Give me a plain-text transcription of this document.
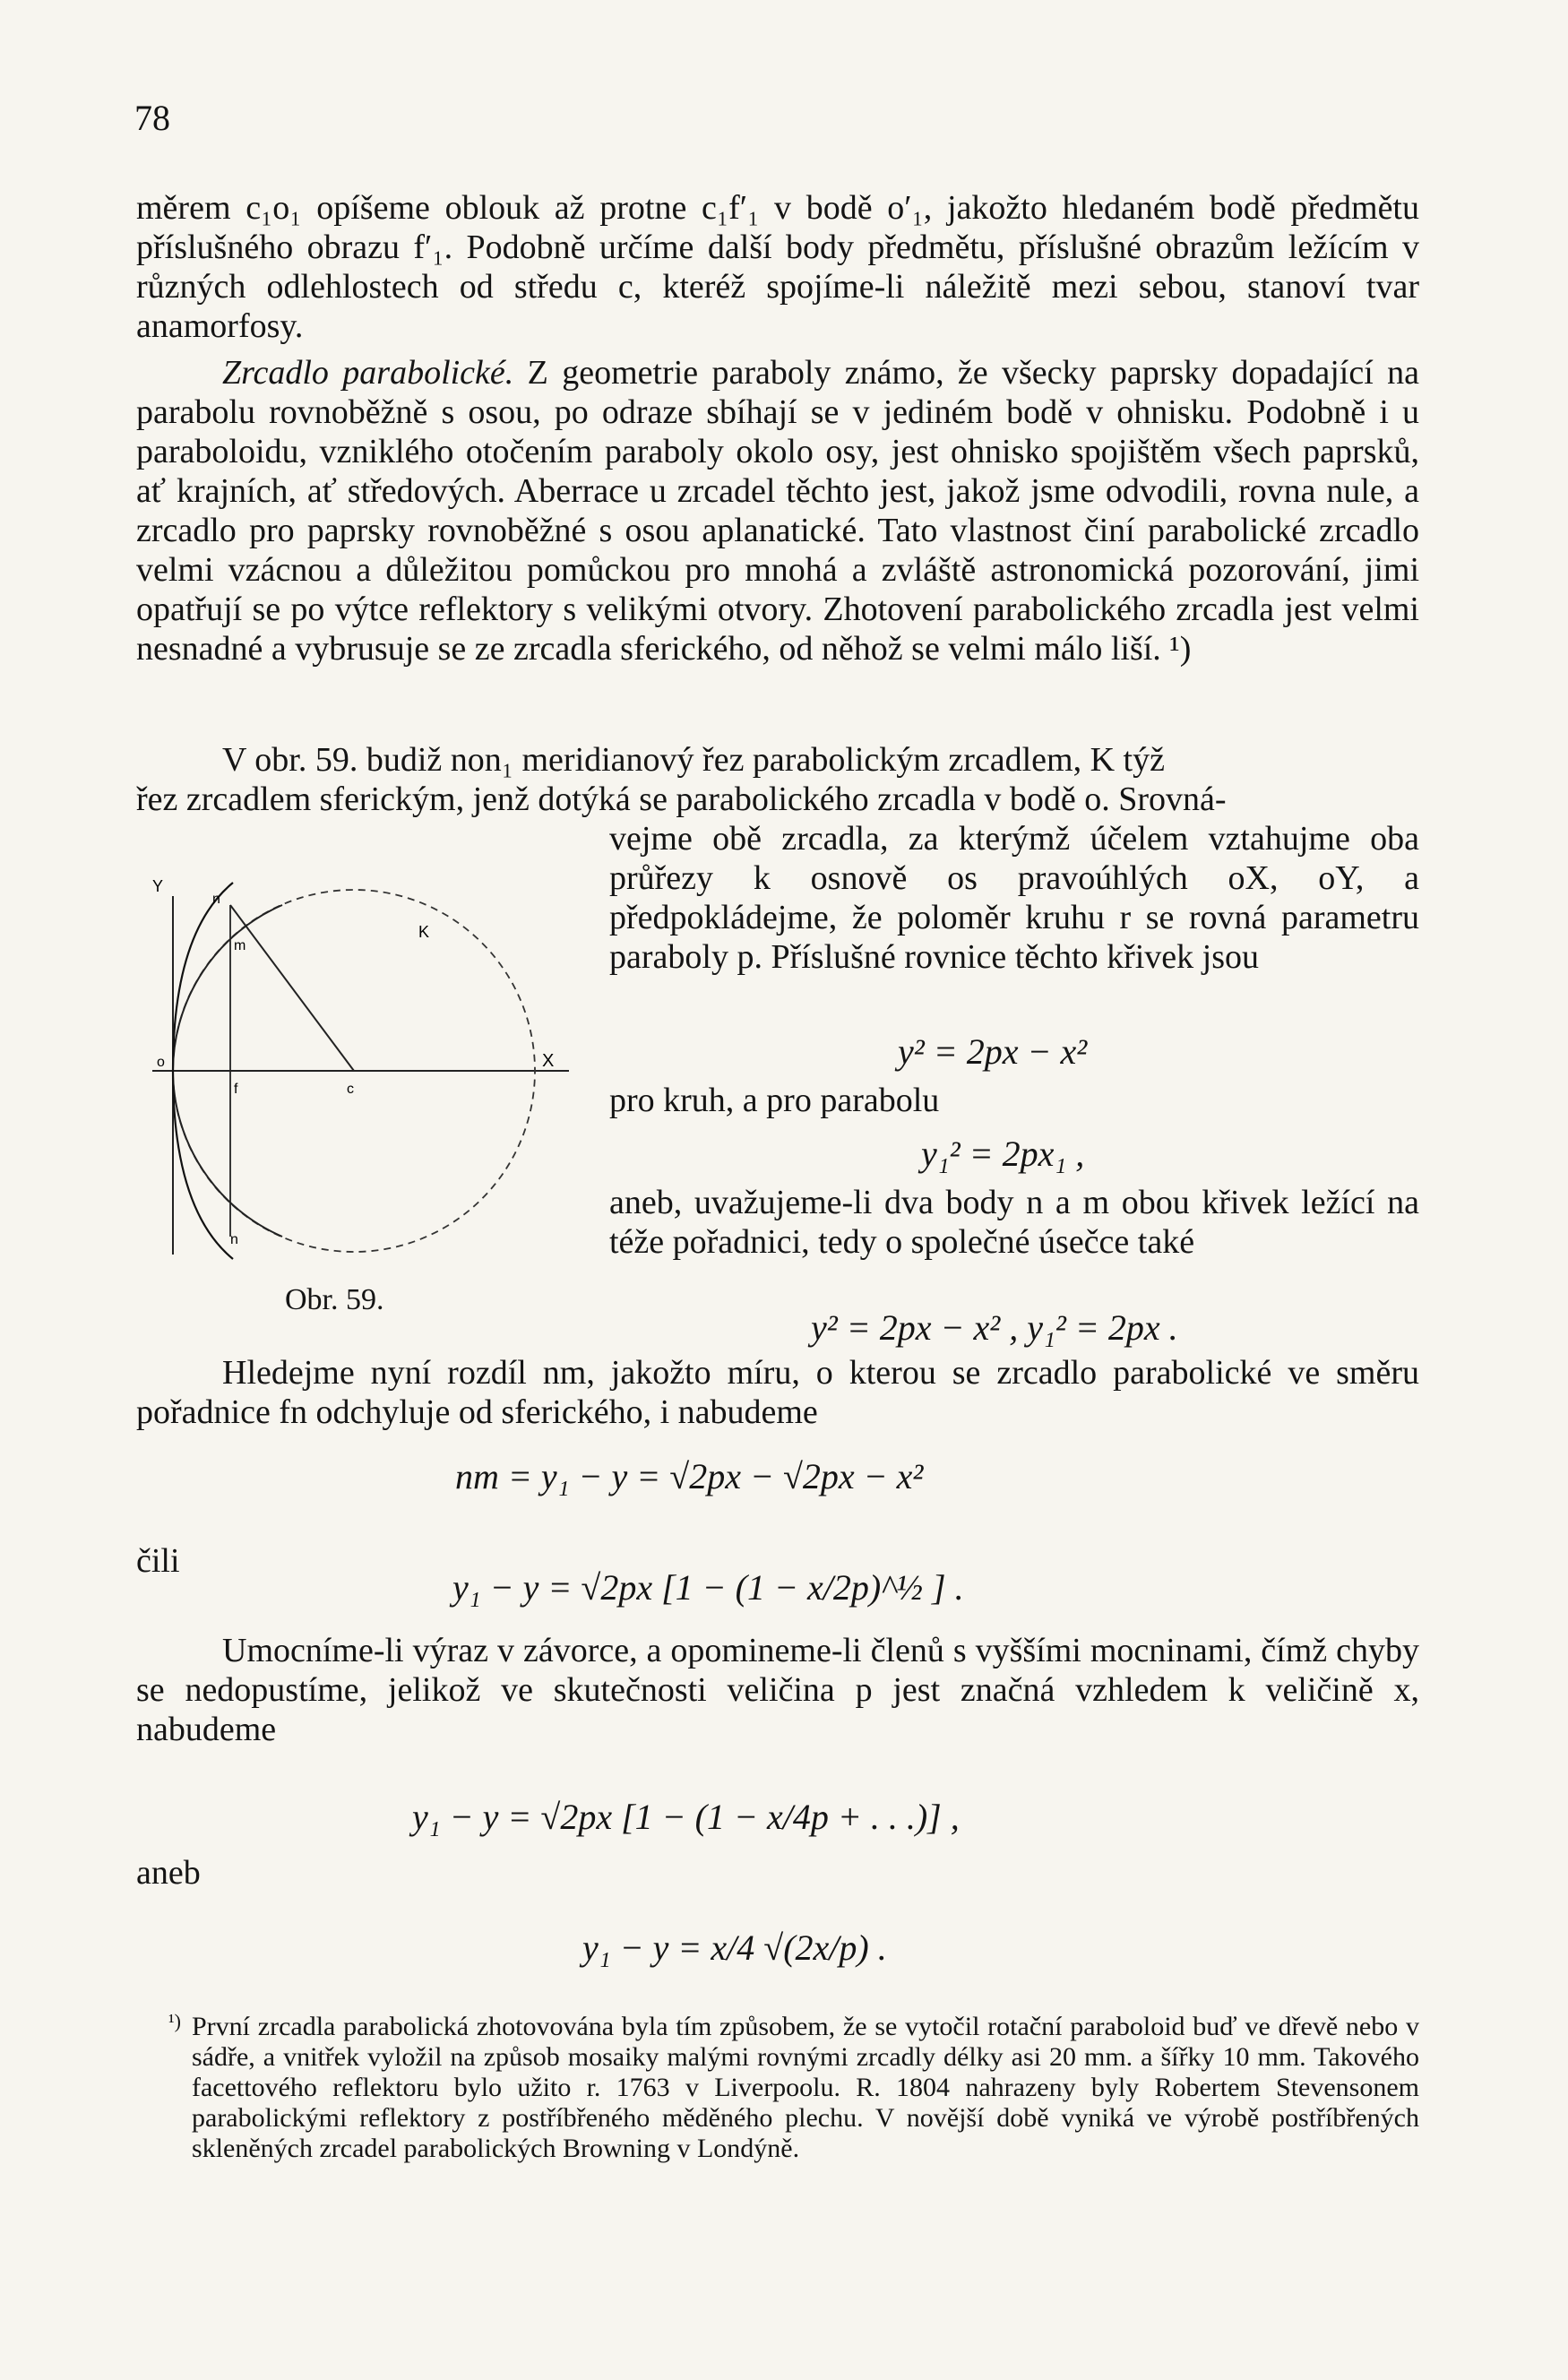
78

měrem c₁o₁ opíšeme oblouk až protne c₁f′₁ v bodě o′₁, jakožto hledaném bodě předmětu příslušného obrazu f′₁. Podobně určíme další body předmětu, příslušné obrazům ležícím v různých odlehlostech od středu c, kteréž spojíme-li náležitě mezi sebou, stanoví tvar anamorfosy.

Zrcadlo parabolické. Z geometrie paraboly známo, že všecky paprsky dopadající na parabolu rovnoběžně s osou, po odraze sbíhají se v jediném bodě v ohnisku. Podobně i u paraboloidu, vzniklého otočením paraboly okolo osy, jest ohnisko spojištěm všech paprsků, ať krajních, ať středových. Aberrace u zrcadel těchto jest, jakož jsme odvodili, rovna nule, a zrcadlo pro paprsky rovnoběžné s osou aplanatické. Tato vlastnost činí parabolické zrcadlo velmi vzácnou a důležitou pomůckou pro mnohá a zvláště astronomická pozorování, jimi opatřují se po výtce reflektory s velikými otvory. Zhotovení parabolického zrcadla jest velmi nesnadné a vybrusuje se ze zrcadla sferického, od něhož se velmi málo liší. ¹)

V obr. 59. budiž non₁ meridianový řez parabolickým zrcadlem, K týž
řez zrcadlem sferickým, jenž dotýká se parabolického zrcadla v bodě o. Srovná-
Y
X
n
m
K
o
f	c
n
Obr. 59.
vejme obě zrcadla, za kterýmž účelem vztahujme oba průřezy k osnově os pravoúhlých oX, oY, a předpokládejme, že poloměr kruhu r se rovná parametru paraboly p. Příslušné rovnice těchto křivek jsou
y² = 2px − x²
pro kruh, a pro parabolu
y₁² = 2px₁ ,
aneb, uvažujeme-li dva body n a m obou křivek ležící na téže pořadnici, tedy o společné úsečce také
y² = 2px − x² , y₁² = 2px .
Hledejme nyní rozdíl nm, jakožto míru, o kterou se zrcadlo parabolické ve směru pořadnice fn odchyluje od sferického, i nabudeme
nm = y₁ − y = √2px − √2px − x²
čili
y₁ − y = √2px [1 − (1 − x/2p)^½ ] .
Umocníme-li výraz v závorce, a opomineme-li členů s vyššími mocninami, čímž chyby se nedopustíme, jelikož ve skutečnosti veličina p jest značná vzhledem k veličině x, nabudeme
y₁ − y = √2px [1 − (1 − x/4p + . . .)] ,
aneb
y₁ − y = x/4 √(2x/p) .
¹) První zrcadla parabolická zhotovována byla tím způsobem, že se vytočil rotační paraboloid buď ve dřevě nebo v sádře, a vnitřek vyložil na způsob mosaiky malými rovnými zrcadly délky asi 20 mm. a šířky 10 mm. Takového facettového reflektoru bylo užito r. 1763 v Liverpoolu. R. 1804 nahrazeny byly Robertem Stevensonem parabolickými reflektory z postříbřeného měděného plechu. V novější době vyniká ve výrobě postříbřených skleněných zrcadel parabolických Browning v Londýně.
